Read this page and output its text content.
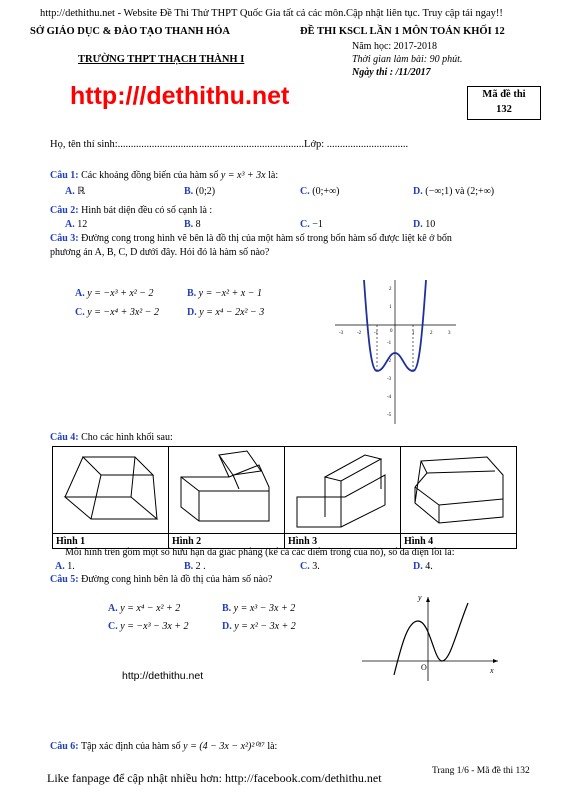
http://dethithu.net - Website Đề Thi Thử THPT Quốc Gia tất cả các môn.Cập nhật liên tục. Truy cập tải ngay!!
SỞ GIÁO DỤC & ĐÀO TẠO THANH HÓA	ĐỀ THI KSCL LẦN 1 MÔN TOÁN KHỐI 12
TRƯỜNG THPT THẠCH THÀNH I
Năm học: 2017-2018
Thời gian làm bài: 90 phút.
Ngày thi : /11/2017
http:///dethithu.net	Mã đề thi
132
Họ, tên thí sinh:.......................................................................Lớp: ...............................
Câu 1: Các khoảng đồng biến của hàm số y = x³ + 3x là:
A. ℝ	B. (0;2)	C. (0;+∞)	D. (−∞;1) và (2;+∞)
Câu 2: Hình bát diện đều có số cạnh là :
A. 12	B. 8	C. −1	D. 10
Câu 3: Đường cong trong hình vẽ bên là đồ thị của một hàm số trong bốn hàm số được liệt kê ở bốn
phương án A, B, C, D dưới đây. Hỏi đó là hàm số nào?
A. y = −x³ + x² − 2	B. y = −x² + x − 1
C. y = −x⁴ + 3x² − 2	D. y = x⁴ − 2x² − 3
-3	-2	-1	1	2	3
0
2
1
-1
-2
-3
-4
-5
Câu 4: Cho các hình khối sau:

Hình 1	Hình 2	Hình 3	Hình 4
Mỗi hình trên gồm một số hữu hạn đa giác phẳng (kể cả các điểm trong của nó), số đa diện lồi là:
A. 1.	B. 2 .	C. 3.	D. 4.
Câu 5: Đường cong hình bên là đồ thị của hàm số nào?
A. y = x⁴ − x² + 2	B. y = x³ − 3x + 2
C. y = −x³ − 3x + 2	D. y = x² − 3x + 2
y
x
O
http://dethithu.net
Câu 6: Tập xác định của hàm số y = (4 − 3x − x²)²⁰¹⁷ là:
Like fanpage để cập nhật nhiều hơn: http://facebook.com/dethithu.net	Trang 1/6 - Mã đề thi 132
